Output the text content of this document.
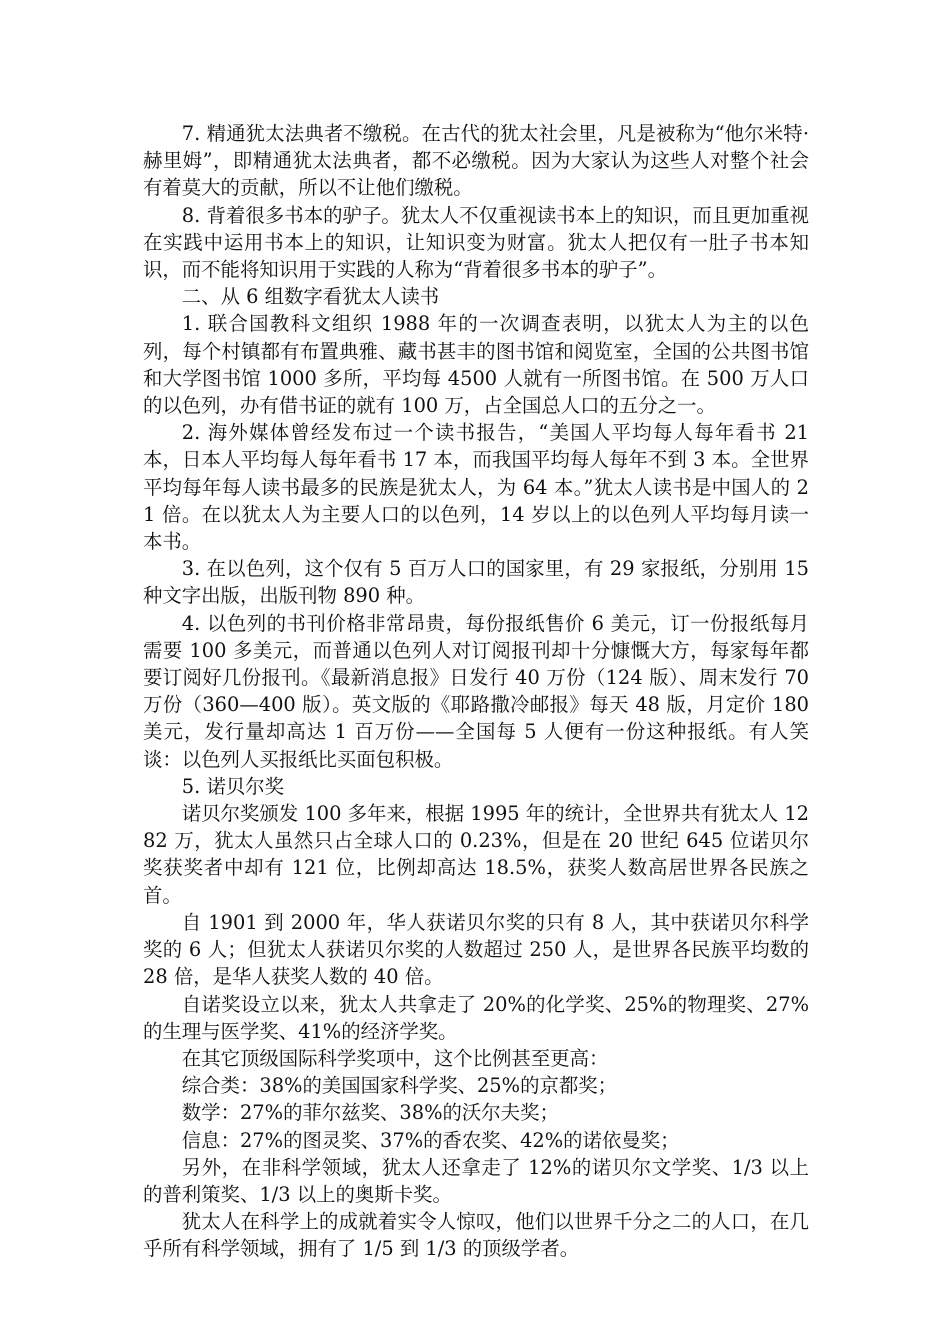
7. 精通犹太法典者不缴税。在古代的犹太社会里，凡是被称为“他尔米特·赫里姆”，即精通犹太法典者，都不必缴税。因为大家认为这些人对整个社会有着莫大的贡献，所以不让他们缴税。

8. 背着很多书本的驴子。犹太人不仅重视读书本上的知识，而且更加重视在实践中运用书本上的知识，让知识变为财富。犹太人把仅有一肚子书本知识，而不能将知识用于实践的人称为“背着很多书本的驴子”。

二、从 6 组数字看犹太人读书

1. 联合国教科文组织 1988 年的一次调查表明，以犹太人为主的以色列，每个村镇都有布置典雅、藏书甚丰的图书馆和阅览室，全国的公共图书馆和大学图书馆 1000 多所，平均每 4500 人就有一所图书馆。在 500 万人口的以色列，办有借书证的就有 100 万，占全国总人口的五分之一。

2. 海外媒体曾经发布过一个读书报告，“美国人平均每人每年看书 21 本，日本人平均每人每年看书 17 本，而我国平均每人每年不到 3 本。全世界平均每年每人读书最多的民族是犹太人，为 64 本。”犹太人读书是中国人的 21 倍。在以犹太人为主要人口的以色列，14 岁以上的以色列人平均每月读一本书。

3. 在以色列，这个仅有 5 百万人口的国家里，有 29 家报纸，分别用 15 种文字出版，出版刊物 890 种。

4. 以色列的书刊价格非常昂贵，每份报纸售价 6 美元，订一份报纸每月需要 100 多美元，而普通以色列人对订阅报刊却十分慷慨大方，每家每年都要订阅好几份报刊。《最新消息报》日发行 40 万份（124 版）、周末发行 70 万份（360—400 版）。英文版的《耶路撒冷邮报》每天 48 版，月定价 180 美元，发行量却高达 1 百万份——全国每 5 人便有一份这种报纸。有人笑谈：以色列人买报纸比买面包积极。

5. 诺贝尔奖

诺贝尔奖颁发 100 多年来，根据 1995 年的统计，全世界共有犹太人 1282 万，犹太人虽然只占全球人口的 0.23%，但是在 20 世纪 645 位诺贝尔奖获奖者中却有 121 位，比例却高达 18.5%，获奖人数高居世界各民族之首。

自 1901 到 2000 年，华人获诺贝尔奖的只有 8 人，其中获诺贝尔科学奖的 6 人；但犹太人获诺贝尔奖的人数超过 250 人，是世界各民族平均数的 28 倍，是华人获奖人数的 40 倍。

自诺奖设立以来，犹太人共拿走了 20%的化学奖、25%的物理奖、27%的生理与医学奖、41%的经济学奖。

在其它顶级国际科学奖项中，这个比例甚至更高：

综合类：38%的美国国家科学奖、25%的京都奖；

数学：27%的菲尔兹奖、38%的沃尔夫奖；

信息：27%的图灵奖、37%的香农奖、42%的诺依曼奖；

另外，在非科学领域，犹太人还拿走了 12%的诺贝尔文学奖、1/3 以上的普利策奖、1/3 以上的奥斯卡奖。

犹太人在科学上的成就着实令人惊叹，他们以世界千分之二的人口，在几乎所有科学领域，拥有了 1/5 到 1/3 的顶级学者。
